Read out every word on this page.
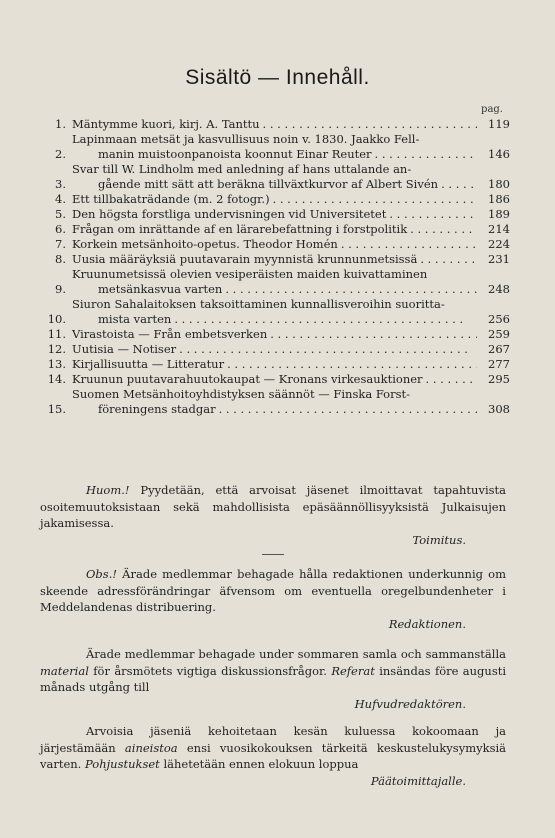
Sisältö — Innehåll.
pag.
1. Mäntymme kuori, kirj. A. Tanttu . . .	119
2.
Lapinmaan metsät ja kasvullisuus noin v. 1830. Jaakko Fell-
manin muistoonpanoista koonnut Einar Reuter . . .	146
3.
Svar till W. Lindholm med anledning af hans uttalande an-
gående mitt sätt att beräkna tillväxtkurvor af Albert Sivén . . .	180
4. Ett tillbakaträdande (m. 2 fotogr.) . . .	186
5. Den högsta forstliga undervisningen vid Universitetet . . .	189
6. Frågan om inrättande af en lärarebefattning i forstpolitik . . .	214
7. Korkein metsänhoito-opetus. Theodor Homén . . .	224
8. Uusia määräyksiä puutavarain myynnistä krunnunmetsissä . . .	231
9.
Kruunumetsissä olevien vesiperäisten maiden kuivattaminen
metsänkasvua varten . . .	248
10.
Siuron Sahalaitoksen taksoittaminen kunnallisveroihin suoritta-
mista varten . . .	256
11. Virastoista — Från embetsverken . . .	259
12. Uutisia — Notiser . . .	267
13. Kirjallisuutta — Litteratur . . .	277
14. Kruunun puutavarahuutokaupat — Kronans virkesauktioner . . .	295
15.
Suomen Metsänhoitoyhdistyksen säännöt — Finska Forst-
föreningens stadgar . . .	308

Huom.! Pyydetään, että arvoisat jäsenet ilmoittavat tapahtuvista osoitemuutoksistaan sekä mahdollisista epäsäännöllisyyksistä Julkaisujen jakamisessa.

Toimitus.

Obs.! Ärade medlemmar behagade hålla redaktionen underkunnig om skeende adressförändringar äfvensom om eventuella oregelbundenheter i Meddelandenas distribuering.

Redaktionen.

Ärade medlemmar behagade under sommaren samla och sammanställa material för årsmötets vigtiga diskussionsfrågor. Referat insändas före augusti månads utgång till

Hufvudredaktören.

Arvoisia jäseniä kehoitetaan kesän kuluessa kokoomaan ja järjestämään aineistoa ensi vuosikokouksen tärkeitä keskustelukysymyksiä varten. Pohjustukset lähetetään ennen elokuun loppua

Päätoimittajalle.
